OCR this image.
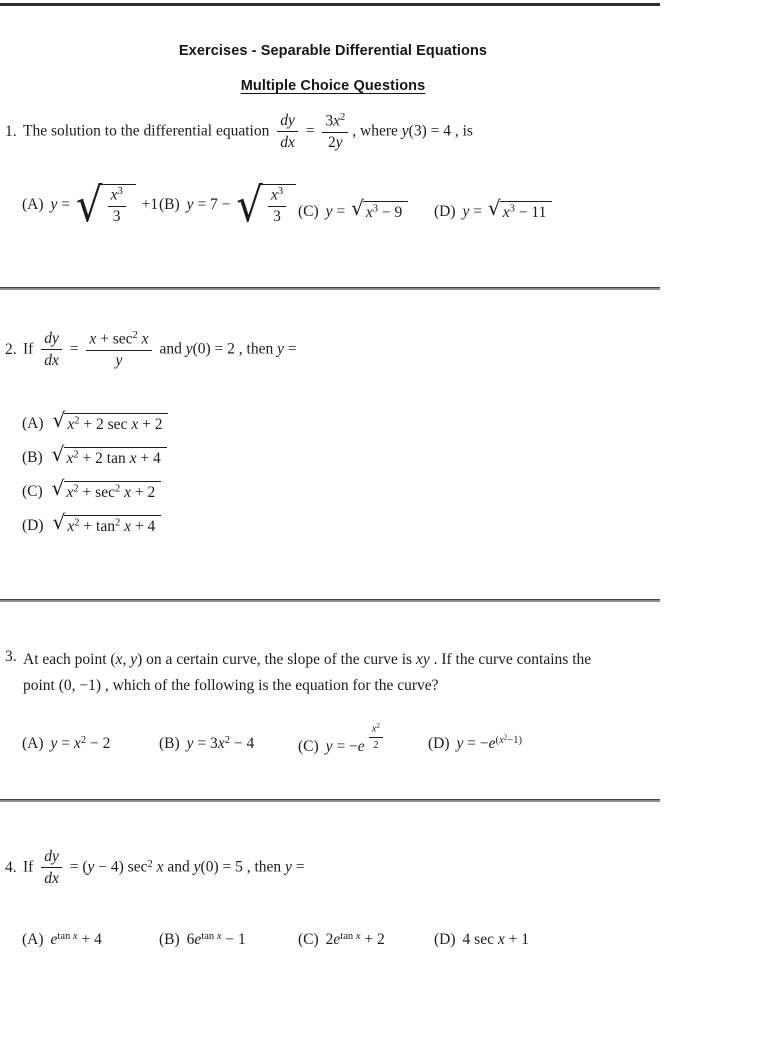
Exercises - Separable Differential Equations
Multiple Choice Questions
1. The solution to the differential equation $\frac{dy}{dx} = \frac{3x^2}{2y}$ , where y(3) = 4 , is
(A) y = √ $\frac{x^3}{3} +1$ (B) y = 7 − √ $\frac{x^3}{3} (C) y$ = √ $x^3 - 9$	(D) y = √ $x^3 - 11$
2. If $\frac{dy}{dx}$ =
$x + \sec^2 x$
y
and y(0) = 2 , then y =
(A) √ $x^2 + 2$ sec x + 2
(B) √ $x^2 + 2$ tan x + 4
(C) √ $x^2 + \sec^2 x + 2$
(D) √ $x^2 + \tan^2 x + 4$
3. At each point (x, y) on a certain curve, the slope of the curve is xy . If the curve contains the
point (0, −1) , which of the following is the equation for the curve?
(A) $y = x^2 - 2$	(B) $y = 3x^2 - 4$	(C) y = −e $^{\frac{x^2}{2}}$	(D) $y = -e^{(x^2-1)}$
4. If $\frac{dy}{dx} = (y - 4)$ $\sec^2 x$ and y(0) = 5 , then y =
(A) $e^{tan x} + 4$	(B) $6e^{tan x} - 1$	(C) $2e^{tan x} + 2$	(D) 4 sec x + 1
